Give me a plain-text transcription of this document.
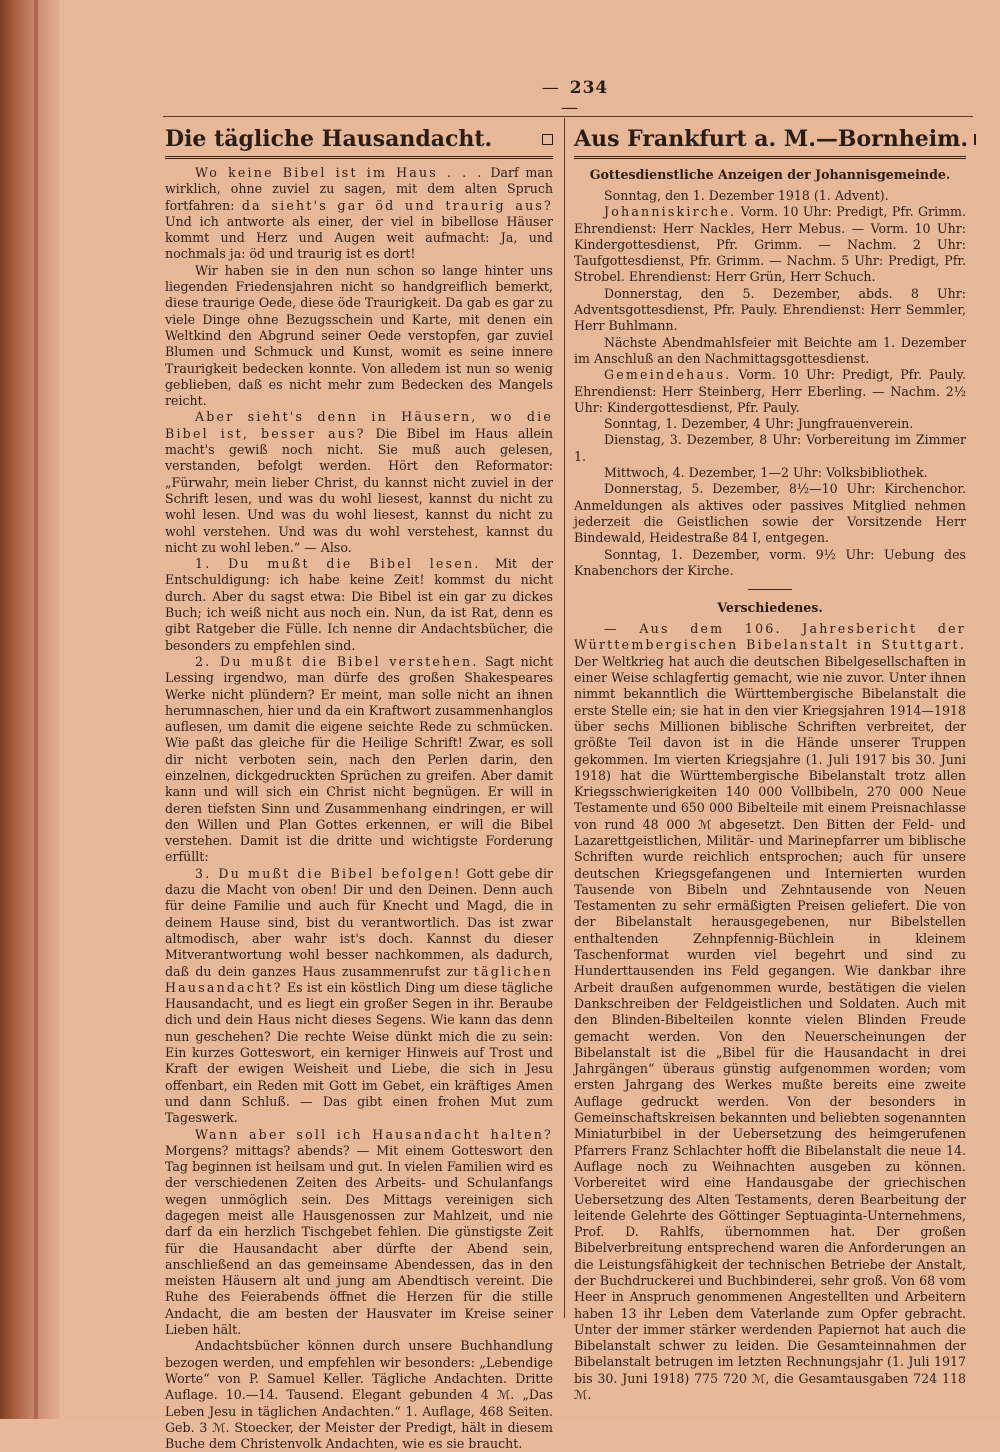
— 234—
Die tägliche Hausandacht.

Wo keine Bibel ist im Haus . . . Darf man wirklich, ohne zuviel zu sagen, mit dem alten Spruch fortfahren: da sieht's gar öd und traurig aus? Und ich antworte als einer, der viel in bibellose Häuser kommt und Herz und Augen weit aufmacht: Ja, und nochmals ja: öd und traurig ist es dort!

Wir haben sie in den nun schon so lange hinter uns liegenden Friedensjahren nicht so handgreiflich bemerkt, diese traurige Oede, diese öde Traurigkeit. Da gab es gar zu viele Dinge ohne Bezugsschein und Karte, mit denen ein Weltkind den Abgrund seiner Oede verstopfen, gar zuviel Blumen und Schmuck und Kunst, womit es seine innere Traurigkeit bedecken konnte. Von alledem ist nun so wenig geblieben, daß es nicht mehr zum Bedecken des Mangels reicht.

Aber sieht's denn in Häusern, wo die Bibel ist, besser aus? Die Bibel im Haus allein macht's gewiß noch nicht. Sie muß auch gelesen, verstanden, befolgt werden. Hört den Reformator: „Fürwahr, mein lieber Christ, du kannst nicht zuviel in der Schrift lesen, und was du wohl liesest, kannst du nicht zu wohl lesen. Und was du wohl liesest, kannst du nicht zu wohl verstehen. Und was du wohl verstehest, kannst du nicht zu wohl leben.“ — Also.

1. Du mußt die Bibel lesen. Mit der Entschuldigung: ich habe keine Zeit! kommst du nicht durch. Aber du sagst etwa: Die Bibel ist ein gar zu dickes Buch; ich weiß nicht aus noch ein. Nun, da ist Rat, denn es gibt Ratgeber die Fülle. Ich nenne dir Andachtsbücher, die besonders zu empfehlen sind.

2. Du mußt die Bibel verstehen. Sagt nicht Lessing irgendwo, man dürfe des großen Shakespeares Werke nicht plündern? Er meint, man solle nicht an ihnen herumnaschen, hier und da ein Kraftwort zusammenhanglos auflesen, um damit die eigene seichte Rede zu schmücken. Wie paßt das gleiche für die Heilige Schrift! Zwar, es soll dir nicht verboten sein, nach den Perlen darin, den einzelnen, dickgedruckten Sprüchen zu greifen. Aber damit kann und will sich ein Christ nicht begnügen. Er will in deren tiefsten Sinn und Zusammenhang eindringen, er will den Willen und Plan Gottes erkennen, er will die Bibel verstehen. Damit ist die dritte und wichtigste Forderung erfüllt:

3. Du mußt die Bibel befolgen! Gott gebe dir dazu die Macht von oben! Dir und den Deinen. Denn auch für deine Familie und auch für Knecht und Magd, die in deinem Hause sind, bist du verantwortlich. Das ist zwar altmodisch, aber wahr ist's doch. Kannst du dieser Mitverantwortung wohl besser nachkommen, als dadurch, daß du dein ganzes Haus zusammenrufst zur täglichen Hausandacht? Es ist ein köstlich Ding um diese tägliche Hausandacht, und es liegt ein großer Segen in ihr. Beraube dich und dein Haus nicht dieses Segens. Wie kann das denn nun geschehen? Die rechte Weise dünkt mich die zu sein: Ein kurzes Gotteswort, ein kerniger Hinweis auf Trost und Kraft der ewigen Weisheit und Liebe, die sich in Jesu offenbart, ein Reden mit Gott im Gebet, ein kräftiges Amen und dann Schluß. — Das gibt einen frohen Mut zum Tageswerk.

Wann aber soll ich Hausandacht halten? Morgens? mittags? abends? — Mit einem Gotteswort den Tag beginnen ist heilsam und gut. In vielen Familien wird es der verschiedenen Zeiten des Arbeits- und Schulanfangs wegen unmöglich sein. Des Mittags vereinigen sich dagegen meist alle Hausgenossen zur Mahlzeit, und nie darf da ein herzlich Tischgebet fehlen. Die günstigste Zeit für die Hausandacht aber dürfte der Abend sein, anschließend an das gemeinsame Abendessen, das in den meisten Häusern alt und jung am Abendtisch vereint. Die Ruhe des Feierabends öffnet die Herzen für die stille Andacht, die am besten der Hausvater im Kreise seiner Lieben hält.

Andachtsbücher können durch unsere Buchhandlung bezogen werden, und empfehlen wir besonders: „Lebendige Worte“ von P. Samuel Keller. Tägliche Andachten. Dritte Auflage. 10.—14. Tausend. Elegant gebunden 4 ℳ. „Das Leben Jesu in täglichen Andachten.“ 1. Auflage, 468 Seiten. Geb. 3 ℳ. Stoecker, der Meister der Predigt, hält in diesem Buche dem Christenvolk Andachten, wie es sie braucht.

Aus Frankfurt a. M.—Bornheim.
Gottesdienstliche Anzeigen der Johannisgemeinde.

Sonntag, den 1. Dezember 1918 (1. Advent).

Johanniskirche. Vorm. 10 Uhr: Predigt, Pfr. Grimm. Ehrendienst: Herr Nackles, Herr Mebus. — Vorm. 10 Uhr: Kindergottesdienst, Pfr. Grimm. — Nachm. 2 Uhr: Taufgottesdienst, Pfr. Grimm. — Nachm. 5 Uhr: Predigt, Pfr. Strobel. Ehrendienst: Herr Grün, Herr Schuch.

Donnerstag, den 5. Dezember, abds. 8 Uhr: Adventsgottesdienst, Pfr. Pauly. Ehrendienst: Herr Semmler, Herr Buhlmann.

Nächste Abendmahlsfeier mit Beichte am 1. Dezember im Anschluß an den Nachmittagsgottesdienst.

Gemeindehaus. Vorm. 10 Uhr: Predigt, Pfr. Pauly. Ehrendienst: Herr Steinberg, Herr Eberling. — Nachm. 2½ Uhr: Kindergottesdienst, Pfr. Pauly.

Sonntag, 1. Dezember, 4 Uhr: Jungfrauenverein.

Dienstag, 3. Dezember, 8 Uhr: Vorbereitung im Zimmer 1.

Mittwoch, 4. Dezember, 1—2 Uhr: Volksbibliothek.

Donnerstag, 5. Dezember, 8½—10 Uhr: Kirchenchor. Anmeldungen als aktives oder passives Mitglied nehmen jederzeit die Geistlichen sowie der Vorsitzende Herr Bindewald, Heidestraße 84 I, entgegen.

Sonntag, 1. Dezember, vorm. 9½ Uhr: Uebung des Knabenchors der Kirche.

Verschiedenes.

— Aus dem 106. Jahresbericht der Württembergischen Bibelanstalt in Stuttgart. Der Weltkrieg hat auch die deutschen Bibelgesellschaften in einer Weise schlagfertig gemacht, wie nie zuvor. Unter ihnen nimmt bekanntlich die Württembergische Bibelanstalt die erste Stelle ein; sie hat in den vier Kriegsjahren 1914—1918 über sechs Millionen biblische Schriften verbreitet, der größte Teil davon ist in die Hände unserer Truppen gekommen. Im vierten Kriegsjahre (1. Juli 1917 bis 30. Juni 1918) hat die Württembergische Bibelanstalt trotz allen Kriegsschwierigkeiten 140 000 Vollbibeln, 270 000 Neue Testamente und 650 000 Bibelteile mit einem Preisnachlasse von rund 48 000 ℳ abgesetzt. Den Bitten der Feld- und Lazarettgeistlichen, Militär- und Marinepfarrer um biblische Schriften wurde reichlich entsprochen; auch für unsere deutschen Kriegsgefangenen und Internierten wurden Tausende von Bibeln und Zehntausende von Neuen Testamenten zu sehr ermäßigten Preisen geliefert. Die von der Bibelanstalt herausgegebenen, nur Bibelstellen enthaltenden Zehnpfennig-Büchlein in kleinem Taschenformat wurden viel begehrt und sind zu Hunderttausenden ins Feld gegangen. Wie dankbar ihre Arbeit draußen aufgenommen wurde, bestätigen die vielen Dankschreiben der Feldgeistlichen und Soldaten. Auch mit den Blinden-Bibelteilen konnte vielen Blinden Freude gemacht werden. Von den Neuerscheinungen der Bibelanstalt ist die „Bibel für die Hausandacht in drei Jahrgängen“ überaus günstig aufgenommen worden; vom ersten Jahrgang des Werkes mußte bereits eine zweite Auflage gedruckt werden. Von der besonders in Gemeinschaftskreisen bekannten und beliebten sogenannten Miniaturbibel in der Uebersetzung des heimgerufenen Pfarrers Franz Schlachter hofft die Bibelanstalt die neue 14. Auflage noch zu Weihnachten ausgeben zu können. Vorbereitet wird eine Handausgabe der griechischen Uebersetzung des Alten Testaments, deren Bearbeitung der leitende Gelehrte des Göttinger Septuaginta-Unternehmens, Prof. D. Rahlfs, übernommen hat. Der großen Bibelverbreitung entsprechend waren die Anforderungen an die Leistungsfähigkeit der technischen Betriebe der Anstalt, der Buchdruckerei und Buchbinderei, sehr groß. Von 68 vom Heer in Anspruch genommenen Angestellten und Arbeitern haben 13 ihr Leben dem Vaterlande zum Opfer gebracht. Unter der immer stärker werdenden Papiernot hat auch die Bibelanstalt schwer zu leiden. Die Gesamteinnahmen der Bibelanstalt betrugen im letzten Rechnungsjahr (1. Juli 1917 bis 30. Juni 1918) 775 720 ℳ, die Gesamtausgaben 724 118 ℳ.
